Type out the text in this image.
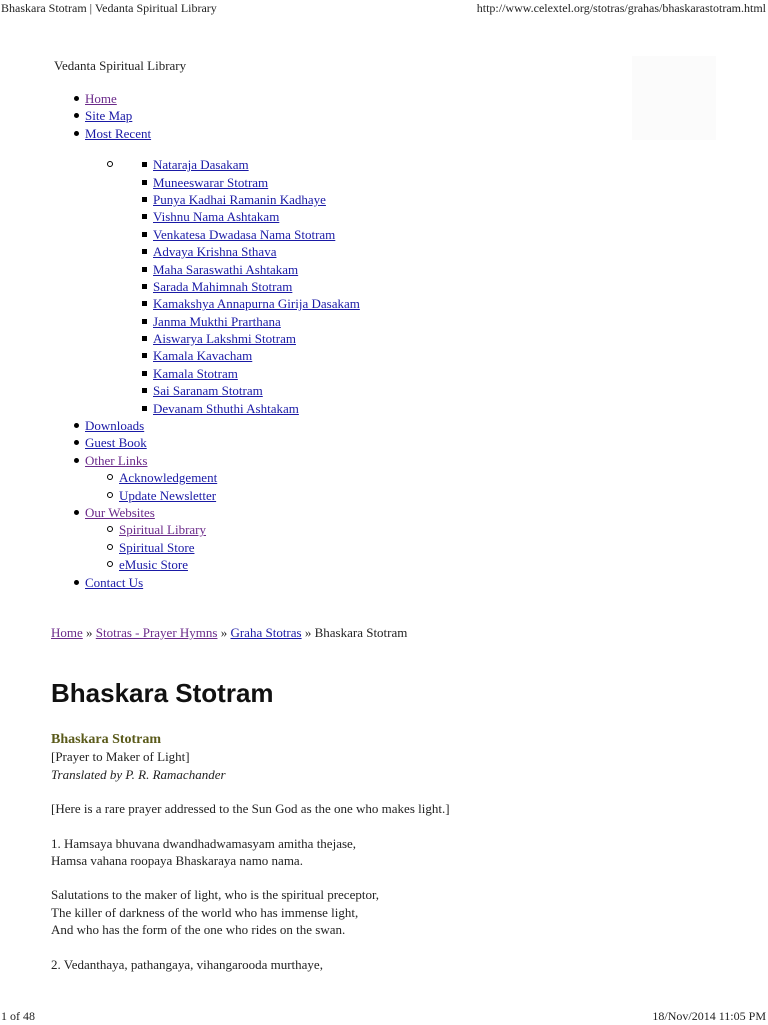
Bhaskara Stotram | Vedanta Spiritual Library	http://www.celextel.org/stotras/grahas/bhaskarastotram.html
Vedanta Spiritual Library
Home
Site Map
Most Recent
Nataraja Dasakam
Muneeswarar Stotram
Punya Kadhai Ramanin Kadhaye
Vishnu Nama Ashtakam
Venkatesa Dwadasa Nama Stotram
Advaya Krishna Sthava
Maha Saraswathi Ashtakam
Sarada Mahimnah Stotram
Kamakshya Annapurna Girija Dasakam
Janma Mukthi Prarthana
Aiswarya Lakshmi Stotram
Kamala Kavacham
Kamala Stotram
Sai Saranam Stotram
Devanam Sthuthi Ashtakam
Downloads
Guest Book
Other Links
Acknowledgement
Update Newsletter
Our Websites
Spiritual Library
Spiritual Store
eMusic Store
Contact Us
Home » Stotras - Prayer Hymns » Graha Stotras » Bhaskara Stotram
Bhaskara Stotram

Bhaskara Stotram

[Prayer to Maker of Light]

Translated by P. R. Ramachander

[Here is a rare prayer addressed to the Sun God as the one who makes light.]

1. Hamsaya bhuvana dwandhadwamasyam amitha thejase,

Hamsa vahana roopaya Bhaskaraya namo nama.

Salutations to the maker of light, who is the spiritual preceptor,

The killer of darkness of the world who has immense light,

And who has the form of the one who rides on the swan.

2. Vedanthaya, pathangaya, vihangarooda murthaye,

1 of 48	18/Nov/2014 11:05 PM
